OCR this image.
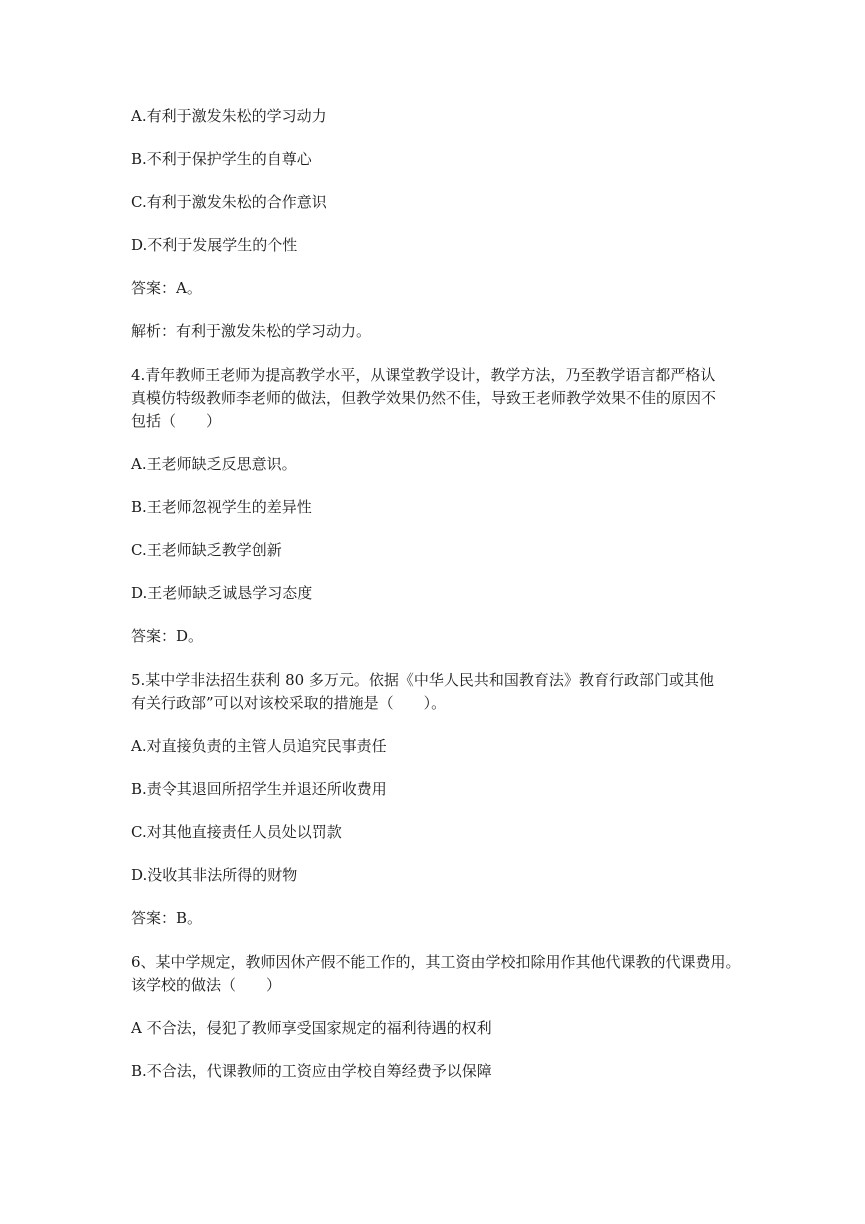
A.有利于激发朱松的学习动力
B.不利于保护学生的自尊心
C.有利于激发朱松的合作意识
D.不利于发展学生的个性
答案：A。
解析：有利于激发朱松的学习动力。
4.青年教师王老师为提高教学水平，从课堂教学设计，教学方法，乃至教学语言都严格认
真模仿特级教师李老师的做法，但教学效果仍然不佳，导致王老师教学效果不佳的原因不
包括（　　）
A.王老师缺乏反思意识。
B.王老师忽视学生的差异性
C.王老师缺乏教学创新
D.王老师缺乏诚恳学习态度
答案：D。
5.某中学非法招生获利 80 多万元。依据《中华人民共和国教育法》教育行政部门或其他
有关行政部”可以对该校采取的措施是（　　）。
A.对直接负责的主管人员追究民事责任
B.责令其退回所招学生并退还所收费用
C.对其他直接责任人员处以罚款
D.没收其非法所得的财物
答案：B。
6、某中学规定，教师因休产假不能工作的，其工资由学校扣除用作其他代课教的代课费用。
该学校的做法（　　）
A 不合法，侵犯了教师享受国家规定的福利待遇的权利
B.不合法，代课教师的工资应由学校自筹经费予以保障
